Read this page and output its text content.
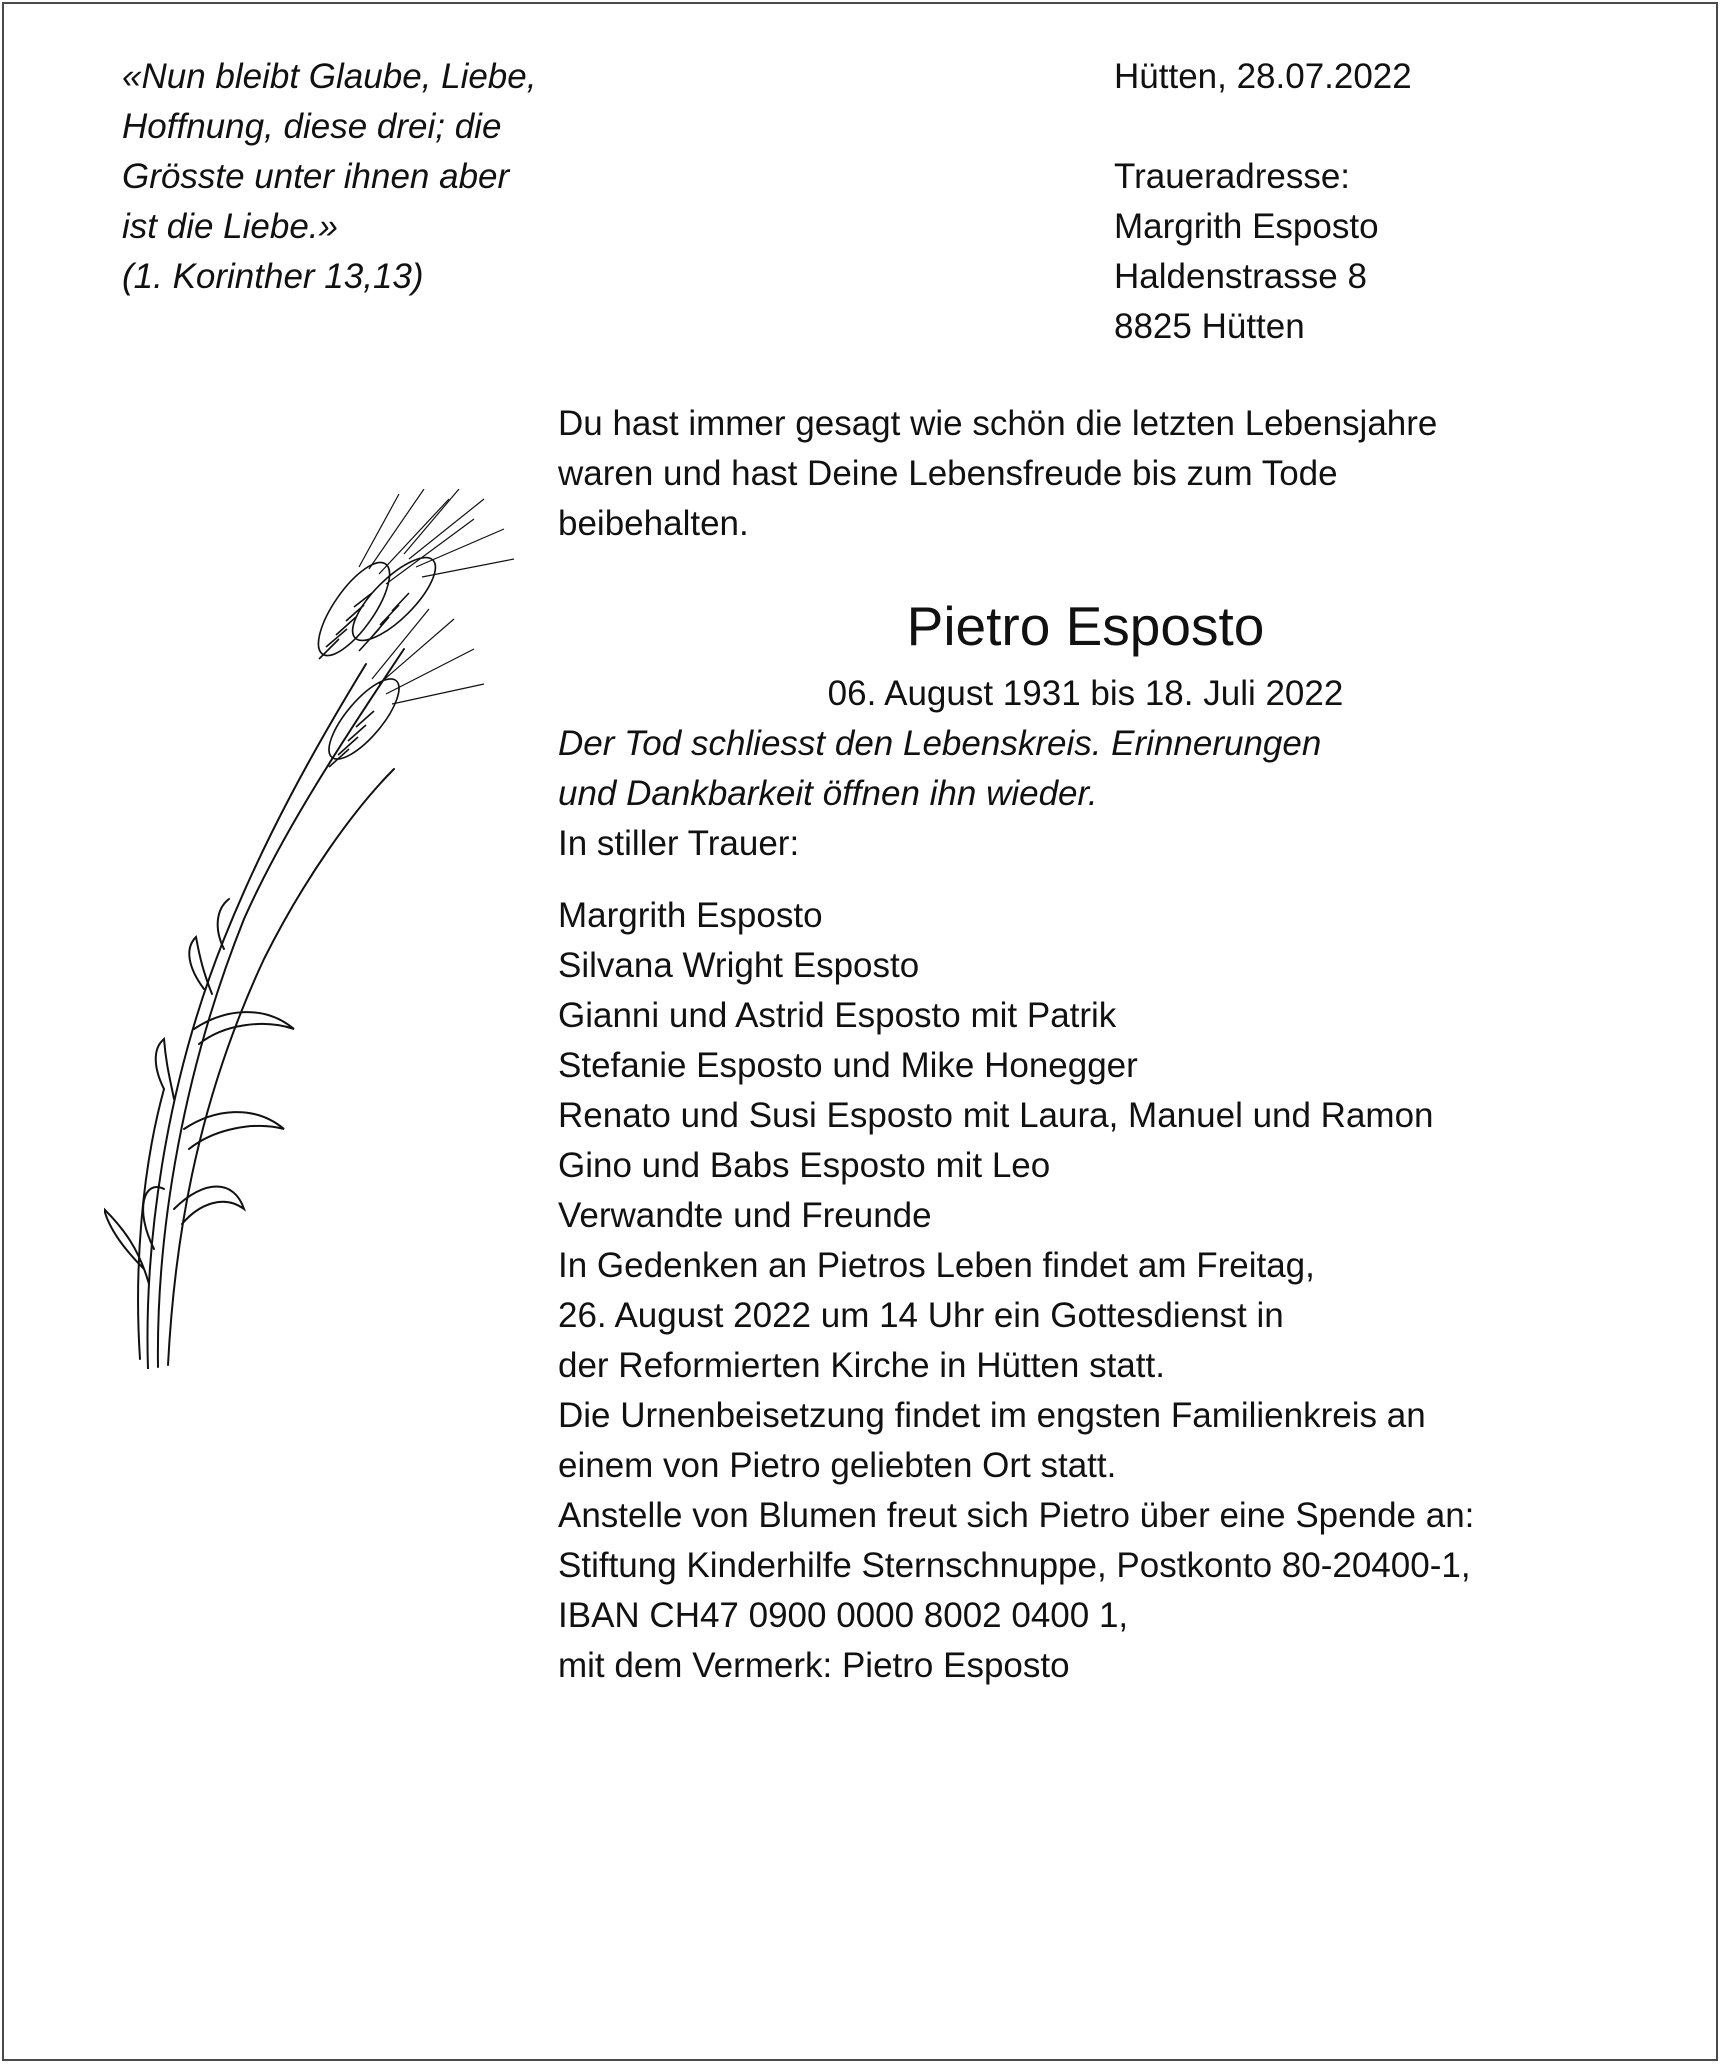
«Nun bleibt Glaube, Liebe,
Hoffnung, diese drei; die
Grösste unter ihnen aber
ist die Liebe.»
(1. Korinther 13,13)
Hütten, 28.07.2022
Traueradresse:
Margrith Esposto
Haldenstrasse 8
8825 Hütten

Du hast immer gesagt wie schön die letzten Lebensjahre
waren und hast Deine Lebensfreude bis zum Tode
beibehalten.

Pietro Esposto
06. August 1931 bis 18. Juli 2022

Der Tod schliesst den Lebenskreis. Erinnerungen
und Dankbarkeit öffnen ihn wieder.

In stiller Trauer:

Margrith Esposto
Silvana Wright Esposto
Gianni und Astrid Esposto mit Patrik
Stefanie Esposto und Mike Honegger
Renato und Susi Esposto mit Laura, Manuel und Ramon
Gino und Babs Esposto mit Leo
Verwandte und Freunde

In Gedenken an Pietros Leben findet am Freitag,
26. August 2022 um 14 Uhr ein Gottesdienst in
der Reformierten Kirche in Hütten statt.

Die Urnenbeisetzung findet im engsten Familienkreis an
einem von Pietro geliebten Ort statt.

Anstelle von Blumen freut sich Pietro über eine Spende an:
Stiftung Kinderhilfe Sternschnuppe, Postkonto 80-20400-1,
IBAN CH47 0900 0000 8002 0400 1,
mit dem Vermerk: Pietro Esposto
